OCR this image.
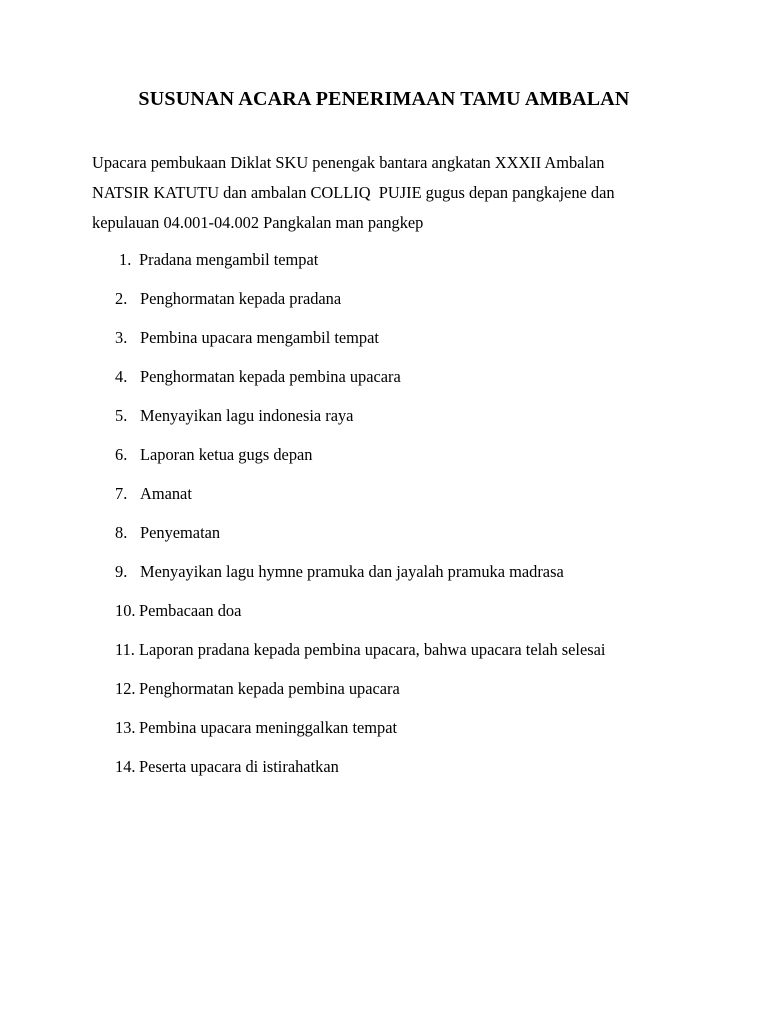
SUSUNAN ACARA PENERIMAAN TAMU AMBALAN
Upacara pembukaan Diklat SKU penengak bantara angkatan XXXII Ambalan
NATSIR KATUTU dan ambalan COLLIQ  PUJIE gugus depan pangkajene dan
kepulauan 04.001-04.002 Pangkalan man pangkep
1. Pradana mengambil tempat
2. Penghormatan kepada pradana
3. Pembina upacara mengambil tempat
4. Penghormatan kepada pembina upacara
5. Menyayikan lagu indonesia raya
6. Laporan ketua gugs depan
7. Amanat
8. Penyematan
9. Menyayikan lagu hymne pramuka dan jayalah pramuka madrasa
10. Pembacaan doa
11. Laporan pradana kepada pembina upacara, bahwa upacara telah selesai
12. Penghormatan kepada pembina upacara
13. Pembina upacara meninggalkan tempat
14. Peserta upacara di istirahatkan
